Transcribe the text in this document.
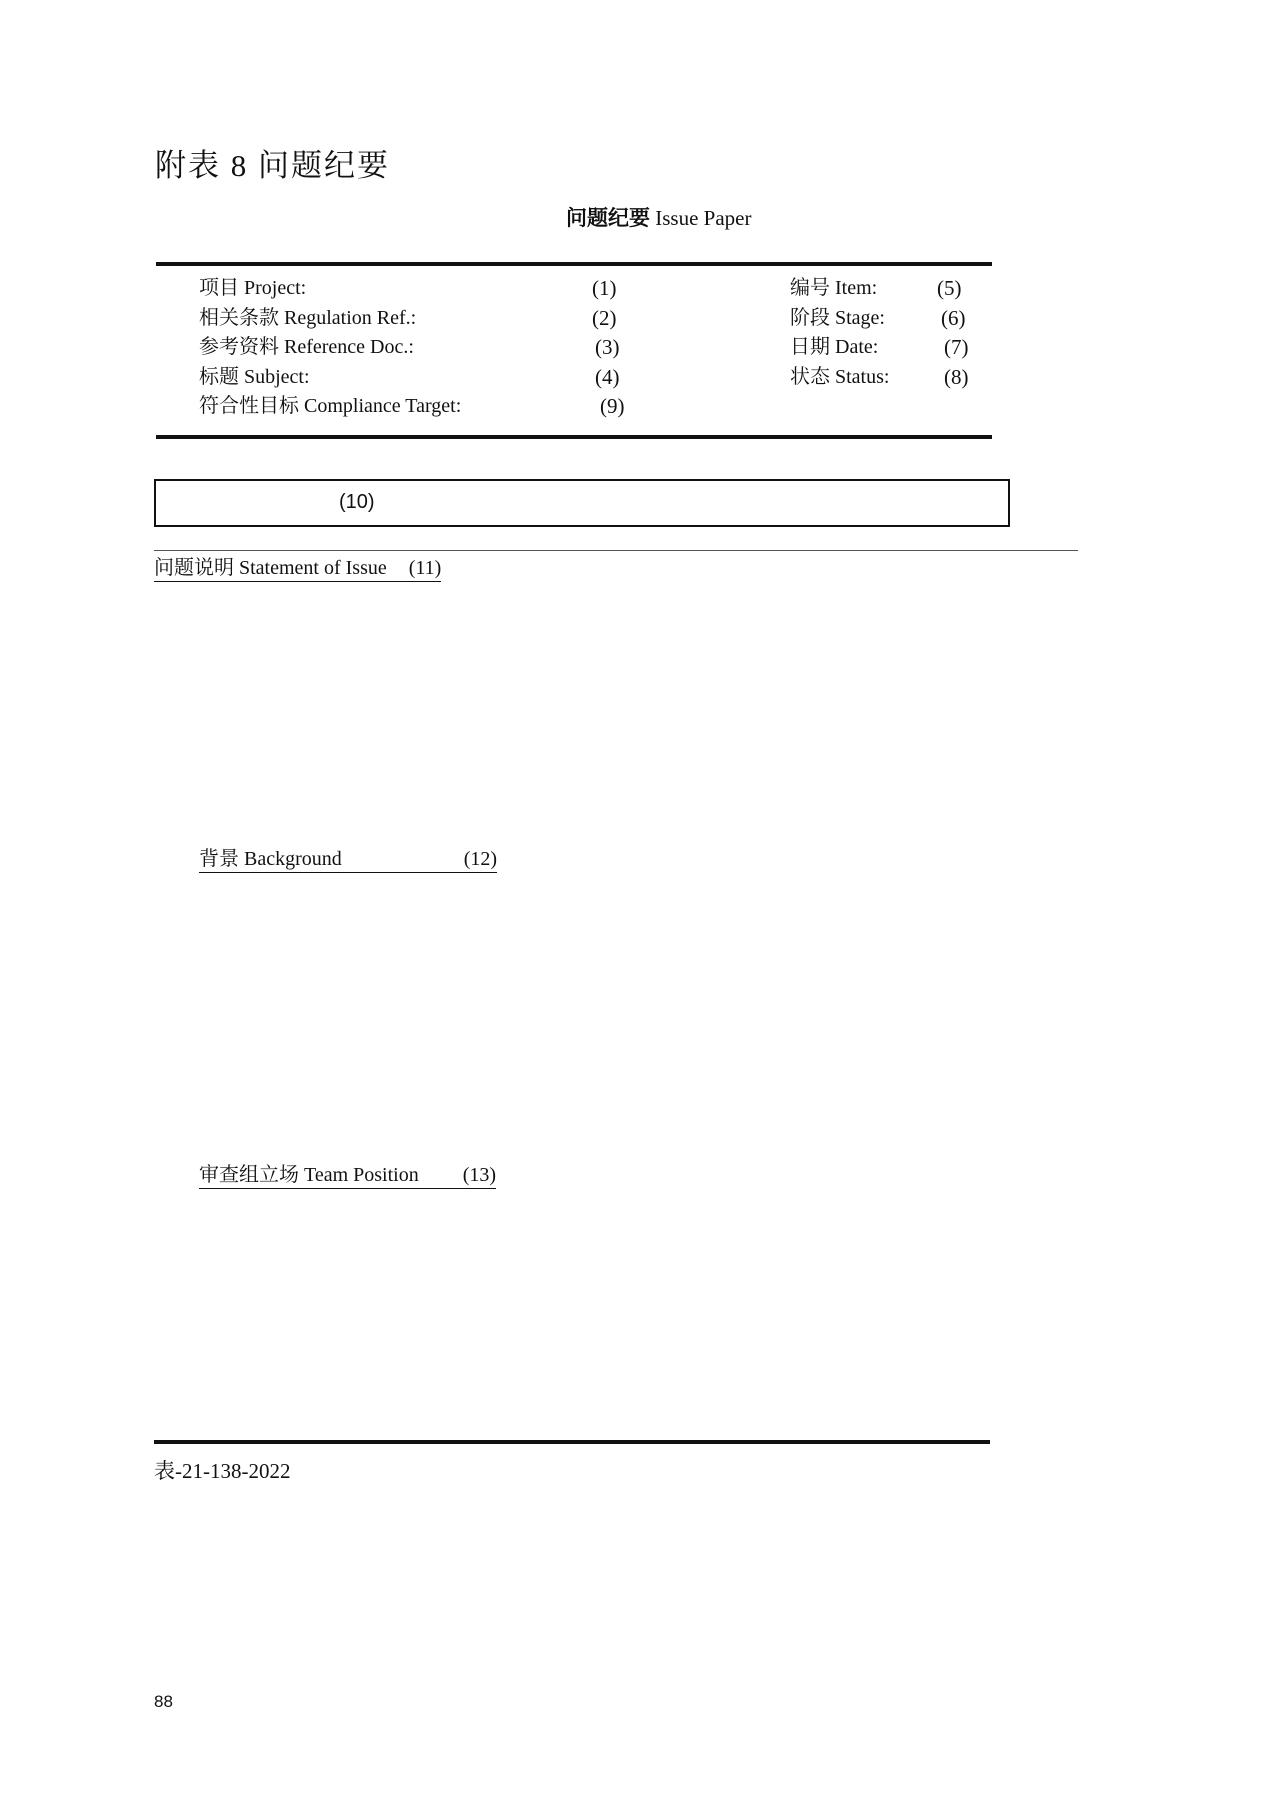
附表 8 问题纪要
问题纪要 Issue Paper
项目 Project:	(1)
相关条款 Regulation Ref.:	(2)
参考资料 Reference Doc.:	(3)
标题 Subject:	(4)
符合性目标 Compliance Target:	(9)
编号 Item:	(5)
阶段 Stage:	(6)
日期 Date:	(7)
状态 Status:	(8)
(10)
问题说明 Statement of Issue (11)
背景 Background	(12)
审查组立场 Team Position (13)
表-21-138-2022
88
